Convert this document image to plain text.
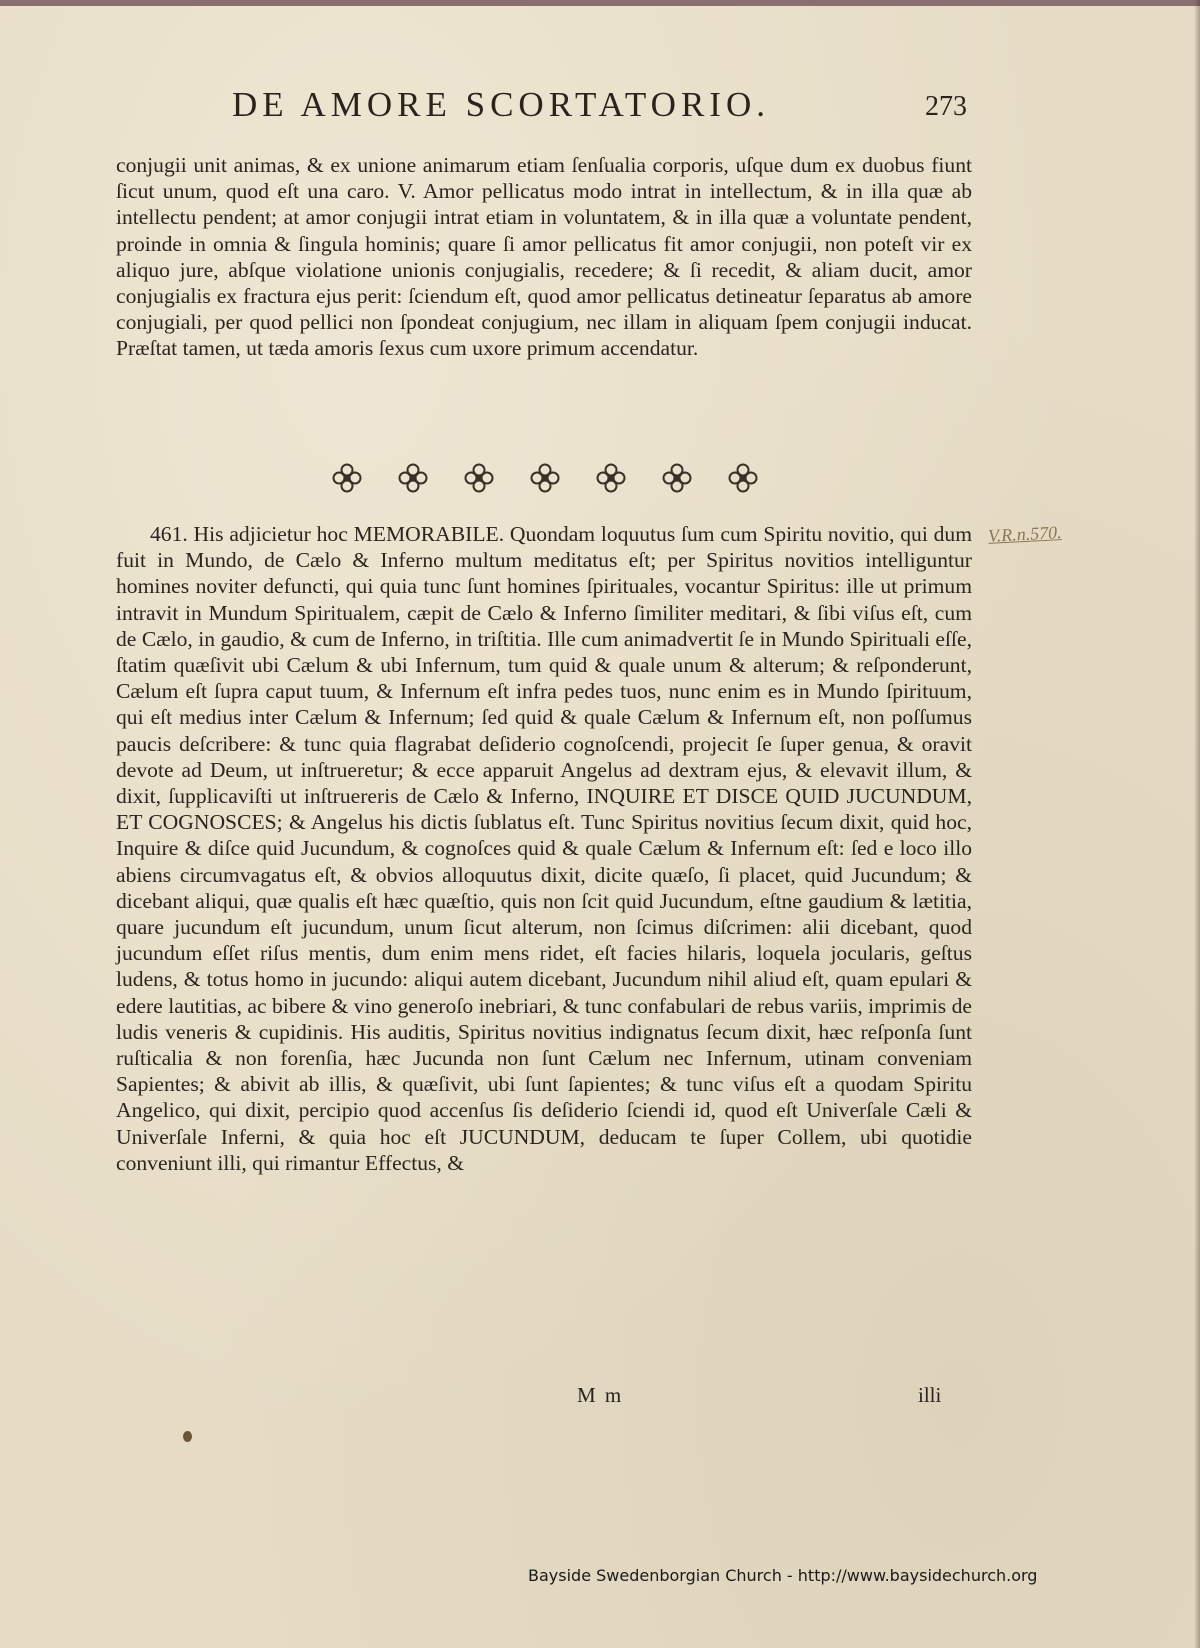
DE AMORE SCORTATORIO.	273
conjugii unit animas, & ex unione animarum etiam ſenſualia corporis, uſque dum ex duobus fiunt ſicut unum, quod eſt una caro. V. Amor pellicatus modo intrat in intellectum, & in illa quæ ab intellectu pendent; at amor conjugii intrat etiam in voluntatem, & in illa quæ a voluntate pendent, proinde in omnia & ſingula hominis; quare ſi amor pellicatus fit amor conjugii, non poteſt vir ex aliquo jure, abſque violatione unionis conjugialis, recedere; & ſi recedit, & aliam ducit, amor conjugialis ex fractura ejus perit: ſciendum eſt, quod amor pellicatus detineatur ſeparatus ab amore conjugiali, per quod pellici non ſpondeat conjugium, nec illam in aliquam ſpem conjugii inducat. Præſtat tamen, ut tæda amoris ſexus cum uxore primum accendatur.
461. His adjicietur hoc MEMORABILE. Quondam loquutus ſum cum Spiritu novitio, qui dum fuit in Mundo, de Cælo & Inferno multum meditatus eſt; per Spiritus novitios intelliguntur homines noviter defuncti, qui quia tunc ſunt homines ſpirituales, vocantur Spiritus: ille ut primum intravit in Mundum Spiritualem, cæpit de Cælo & Inferno ſimiliter meditari, & ſibi viſus eſt, cum de Cælo, in gaudio, & cum de Inferno, in triſtitia. Ille cum animadvertit ſe in Mundo Spirituali eſſe, ſtatim quæſivit ubi Cælum & ubi Infernum, tum quid & quale unum & alterum; & reſponderunt, Cælum eſt ſupra caput tuum, & Infernum eſt infra pedes tuos, nunc enim es in Mundo ſpirituum, qui eſt medius inter Cælum & Infernum; ſed quid & quale Cælum & Infernum eſt, non poſſumus paucis deſcribere: & tunc quia flagrabat deſiderio cognoſcendi, projecit ſe ſuper genua, & oravit devote ad Deum, ut inſtrueretur; & ecce apparuit Angelus ad dextram ejus, & elevavit illum, & dixit, ſupplicaviſti ut inſtruereris de Cælo & Inferno, INQUIRE ET DISCE QUID JUCUNDUM, ET COGNOSCES; & Angelus his dictis ſublatus eſt. Tunc Spiritus novitius ſecum dixit, quid hoc, Inquire & diſce quid Jucundum, & cognoſces quid & quale Cælum & Infernum eſt: ſed e loco illo abiens circumvagatus eſt, & obvios alloquutus dixit, dicite quæſo, ſi placet, quid Jucundum; & dicebant aliqui, quæ qualis eſt hæc quæſtio, quis non ſcit quid Jucundum, eſtne gaudium & lætitia, quare jucundum eſt jucundum, unum ſicut alterum, non ſcimus diſcrimen: alii dicebant, quod jucundum eſſet riſus mentis, dum enim mens ridet, eſt facies hilaris, loquela jocularis, geſtus ludens, & totus homo in jucundo: aliqui autem dicebant, Jucundum nihil aliud eſt, quam epulari & edere lautitias, ac bibere & vino generoſo inebriari, & tunc confabulari de rebus variis, imprimis de ludis veneris & cupidinis. His auditis, Spiritus novitius indignatus ſecum dixit, hæc reſponſa ſunt ruſticalia & non forenſia, hæc Jucunda non ſunt Cælum nec Infernum, utinam conveniam Sapientes; & abivit ab illis, & quæſivit, ubi ſunt ſapientes; & tunc viſus eſt a quodam Spiritu Angelico, qui dixit, percipio quod accenſus ſis deſiderio ſciendi id, quod eſt Univerſale Cæli & Univerſale Inferni, & quia hoc eſt JUCUNDUM, deducam te ſuper Collem, ubi quotidie conveniunt illi, qui rimantur Effectus, &
V.R.n.570.
M m	illi
Bayside Swedenborgian Church - http://www.baysidechurch.org
